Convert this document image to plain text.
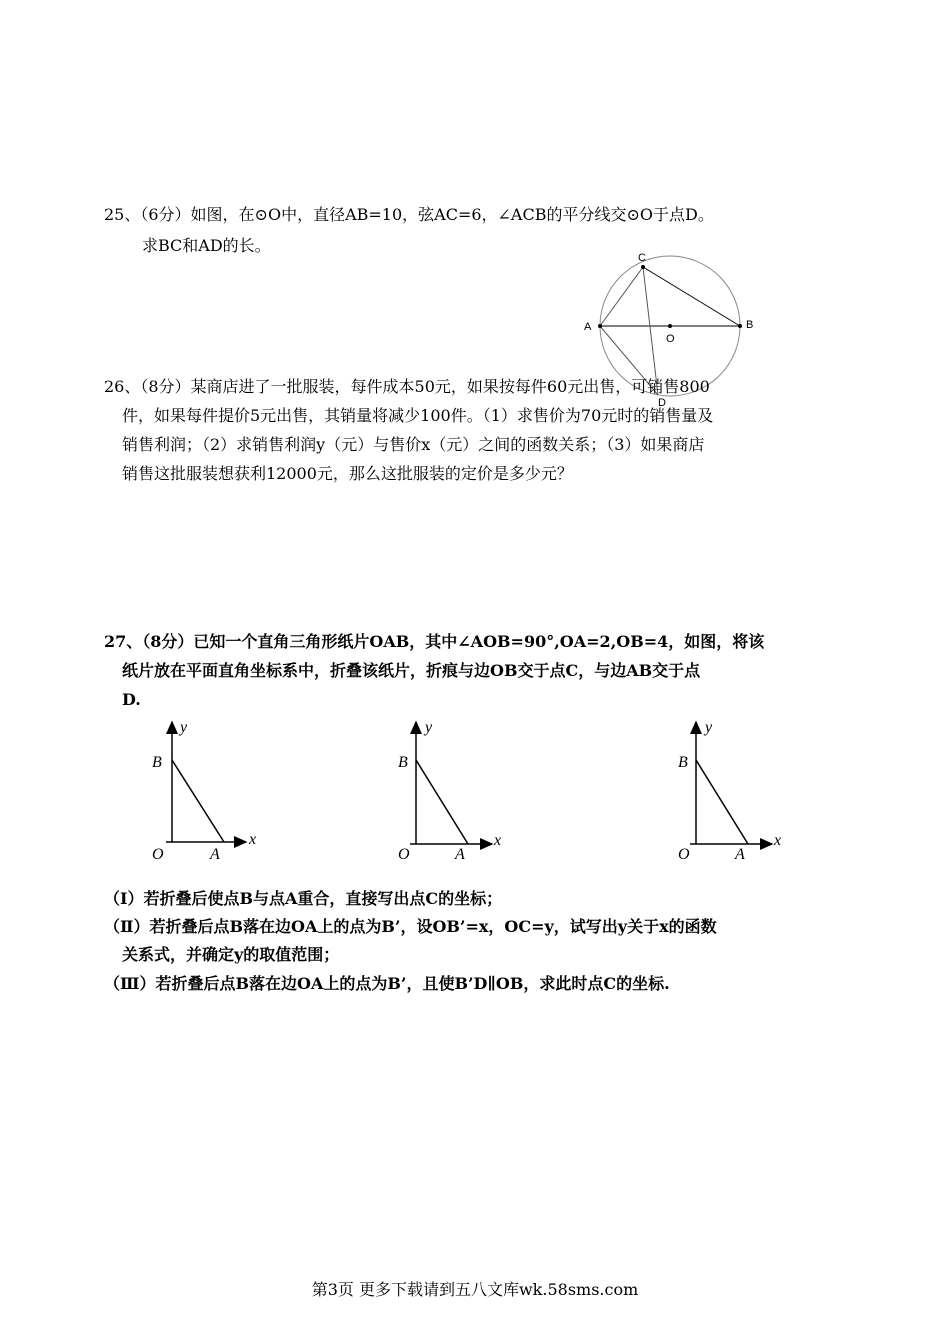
25、（6分）如图，在⊙O中，直径AB=10，弦AC=6，∠ACB的平分线交⊙O于点D。
求BC和AD的长。
C
A
O
B
D
26、（8分）某商店进了一批服装，每件成本50元，如果按每件60元出售，可销售800
件，如果每件提价5元出售，其销量将减少100件。（1）求售价为70元时的销售量及
销售利润；（2）求销售利润y（元）与售价x（元）之间的函数关系；（3）如果商店
销售这批服装想获利12000元，那么这批服装的定价是多少元？
27、（8分）已知一个直角三角形纸片OAB，其中∠AOB=90°,OA=2,OB=4，如图，将该
纸片放在平面直角坐标系中，折叠该纸片，折痕与边OB交于点C，与边AB交于点
D.
y
x
B
O	A
y
x
B
O	A
y
x
B
O	A
（Ⅰ）若折叠后使点B与点A重合，直接写出点C的坐标；
（Ⅱ）若折叠后点B落在边OA上的点为B’，设OB’=x，OC=y，试写出y关于x的函数
关系式，并确定y的取值范围；
（Ⅲ）若折叠后点B落在边OA上的点为B’，且使B’D∥OB，求此时点C的坐标.
第3页 更多下载请到五八文库wk.58sms.com
